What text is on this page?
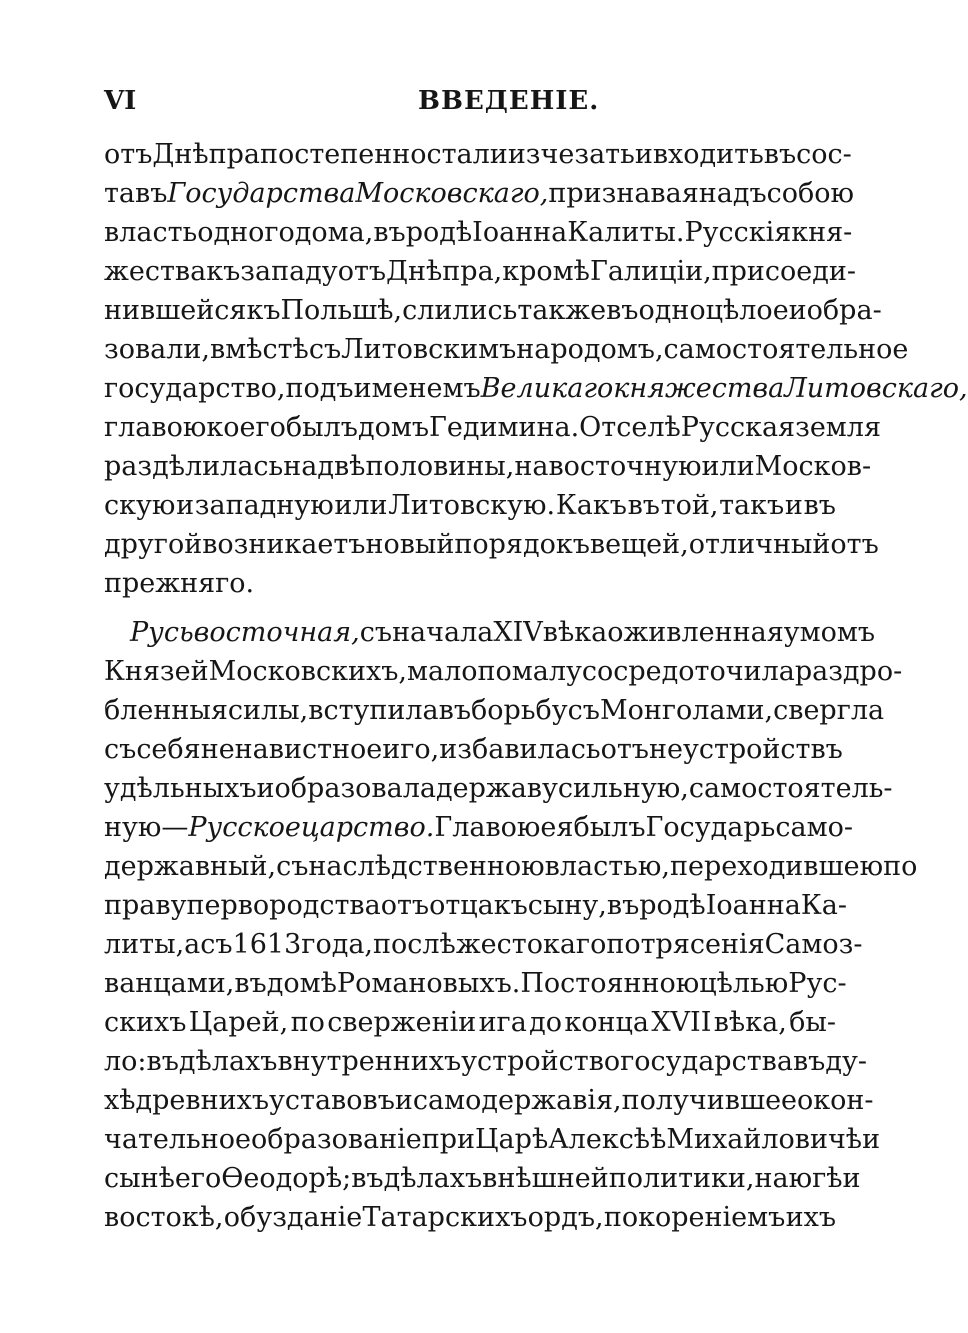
VI	ВВЕДЕНІЕ.
отъ Днѣпра постепенно стали изчезать и входить въ сос-
тавъ Государства Московскаго, признавая надъ собою
власть одного дома, въ родѣ Іоанна Калиты. Русскія кня-
жества къ западу отъ Днѣпра, кромѣ Галиціи, присоеди-
нившейся къ Польшѣ, слились также въ одно цѣлое и обра-
зовали, вмѣстѣ съ Литовскимъ народомъ, самостоятельное
государство, подъ именемъ Великаго княжества Литовскаго,
главою коего былъ домъ Гедимина. Отселѣ Русская земля
раздѣлилась на двѣ половины, на восточную или Москов-
скую и западную или Литовскую. Какъ въ той, такъ и въ
другой возникаетъ новый порядокъ вещей, отличный отъ
прежняго.
Русь восточная, съ начала XIV вѣка оживленная умомъ
Князей Московскихъ, мало по малу сосредоточила раздро-
бленныя силы, вступила въ борьбу съ Монголами, свергла
съ себя ненавистное иго, избавилась отъ неустройствъ
удѣльныхъ и образовала державу сильную, самостоятель-
ную — Русское царство. Главою ея былъ Государь само-
державный, съ наслѣдственною властью, переходившею по
праву первородства отъ отца къ сыну, въ родѣ Іоанна Ка-
литы, а съ 1613 года, послѣ жестокаго потрясенія Самоз-
ванцами, въ домѣ Романовыхъ. Постоянною цѣлью Рус-
скихъ Царей, по сверженіи ига до конца XVII вѣка, бы-
ло: въ дѣлахъ внутреннихъ устройство государства въ ду-
хѣ древнихъ уставовъ и самодержавія, получившее окон-
чательное образованіе при Царѣ Алексѣѣ Михайловичѣ и
сынѣ его Ѳеодорѣ; въ дѣлахъ внѣшней политики, на югѣ и
востокѣ, обузданіе Татарскихъ ордъ, покореніемъ ихъ
